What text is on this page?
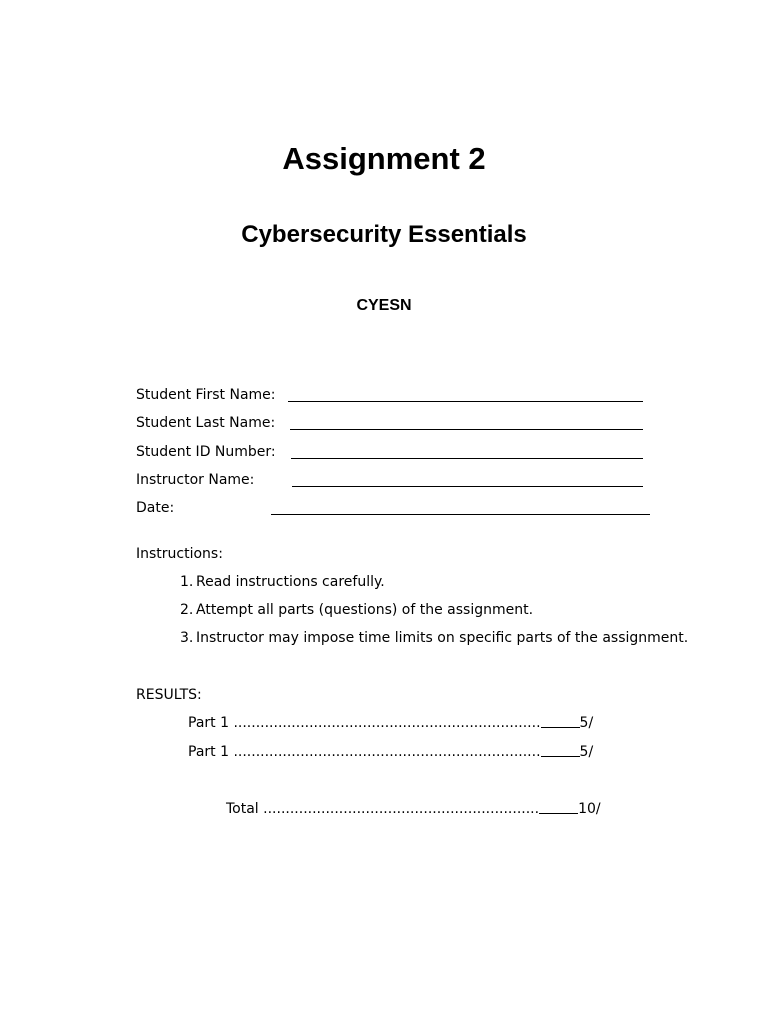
Assignment 2
Cybersecurity Essentials
CYESN
Student First Name:
Student Last Name:
Student ID Number:
Instructor Name:
Date:
Instructions:
1. Read instructions carefully.
2. Attempt all parts (questions) of the assignment.
3. Instructor may impose time limits on specific parts of the assignment.
RESULTS:
Part 1 .....................................................................	5/
Part 1 .....................................................................	5/
Total ..............................................................	10/
